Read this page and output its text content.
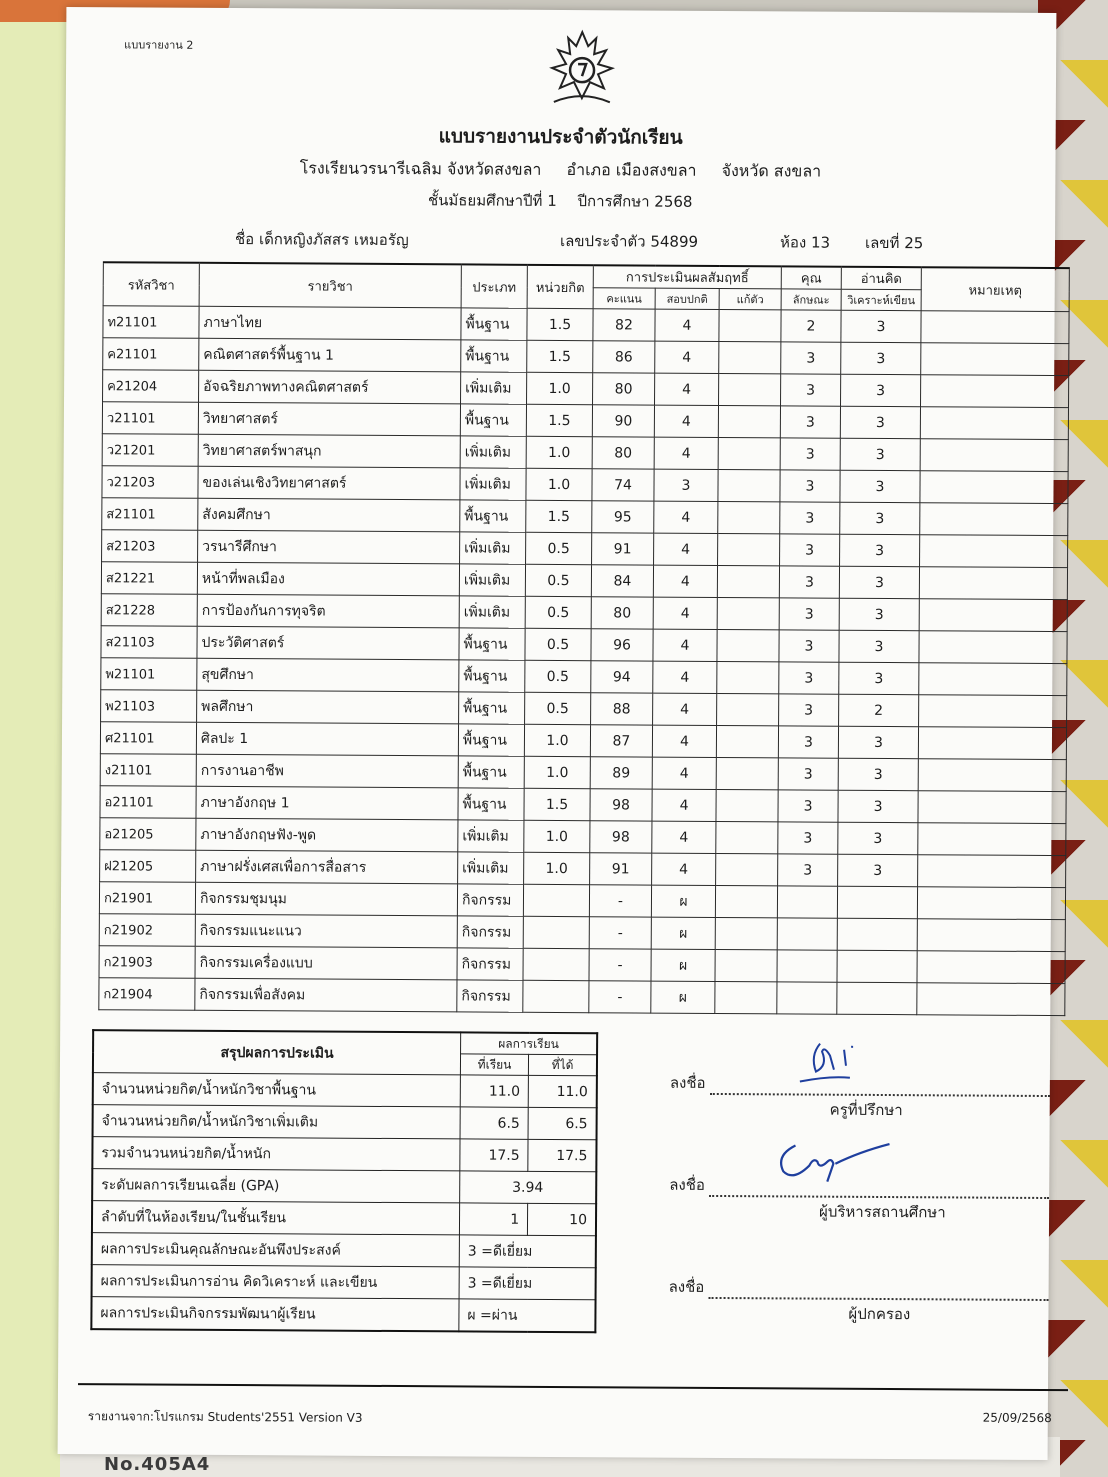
No.405A4
แบบรายงาน 2
แบบรายงานประจำตัวนักเรียน
โรงเรียนวรนารีเฉลิม จังหวัดสงขลา อำเภอ เมืองสงขลา จังหวัด สงขลา
ชั้นมัธยมศึกษาปีที่ 1 ปีการศึกษา 2568
ชื่อ เด็กหญิงภัสสร เหมอรัญ	เลขประจำตัว 54899	ห้อง 13 เลขที่ 25
รหัสวิชา	รายวิชา	ประเภท	หน่วยกิต	การประเมินผลสัมฤทธิ์			คุณ	อ่านคิด	หมายเหตุ
				คะแนน	สอบปกติ	แก้ตัว	ลักษณะ	วิเคราะห์เขียน	
ท21101	ภาษาไทย	พื้นฐาน	1.5	82	4		2	3	
ค21101	คณิตศาสตร์พื้นฐาน 1	พื้นฐาน	1.5	86	4		3	3	
ค21204	อัจฉริยภาพทางคณิตศาสตร์	เพิ่มเติม	1.0	80	4		3	3	
ว21101	วิทยาศาสตร์	พื้นฐาน	1.5	90	4		3	3	
ว21201	วิทยาศาสตร์พาสนุก	เพิ่มเติม	1.0	80	4		3	3	
ว21203	ของเล่นเชิงวิทยาศาสตร์	เพิ่มเติม	1.0	74	3		3	3	
ส21101	สังคมศึกษา	พื้นฐาน	1.5	95	4		3	3	
ส21203	วรนารีศึกษา	เพิ่มเติม	0.5	91	4		3	3	
ส21221	หน้าที่พลเมือง	เพิ่มเติม	0.5	84	4		3	3	
ส21228	การป้องกันการทุจริต	เพิ่มเติม	0.5	80	4		3	3	
ส21103	ประวัติศาสตร์	พื้นฐาน	0.5	96	4		3	3	
พ21101	สุขศึกษา	พื้นฐาน	0.5	94	4		3	3	
พ21103	พลศึกษา	พื้นฐาน	0.5	88	4		3	2	
ศ21101	ศิลปะ 1	พื้นฐาน	1.0	87	4		3	3	
ง21101	การงานอาชีพ	พื้นฐาน	1.0	89	4		3	3	
อ21101	ภาษาอังกฤษ 1	พื้นฐาน	1.5	98	4		3	3	
อ21205	ภาษาอังกฤษฟัง-พูด	เพิ่มเติม	1.0	98	4		3	3	
ฝ21205	ภาษาฝรั่งเศสเพื่อการสื่อสาร	เพิ่มเติม	1.0	91	4		3	3	
ก21901	กิจกรรมชุมนุม	กิจกรรม		-	ผ				
ก21902	กิจกรรมแนะแนว	กิจกรรม		-	ผ				
ก21903	กิจกรรมเครื่องแบบ	กิจกรรม		-	ผ				
ก21904	กิจกรรมเพื่อสังคม	กิจกรรม		-	ผ				
สรุปผลการประเมิน	ผลการเรียน	
	ที่เรียน	ที่ได้
จำนวนหน่วยกิต/น้ำหนักวิชาพื้นฐาน	11.0	11.0
จำนวนหน่วยกิต/น้ำหนักวิชาเพิ่มเติม	6.5	6.5
รวมจำนวนหน่วยกิต/น้ำหนัก	17.5	17.5
ระดับผลการเรียนเฉลี่ย (GPA)	3.94	
ลำดับที่ในห้องเรียน/ในชั้นเรียน	1	10
ผลการประเมินคุณลักษณะอันพึงประสงค์	3 =ดีเยี่ยม	
ผลการประเมินการอ่าน คิดวิเคราะห์ และเขียน	3 =ดีเยี่ยม	
ผลการประเมินกิจกรรมพัฒนาผู้เรียน	ผ =ผ่าน	
ลงชื่อ
ครูที่ปรึกษา
ลงชื่อ
ผู้บริหารสถานศึกษา
ลงชื่อ
ผู้ปกครอง
รายงานจาก:โปรแกรม Students'2551 Version V3	25/09/2568
